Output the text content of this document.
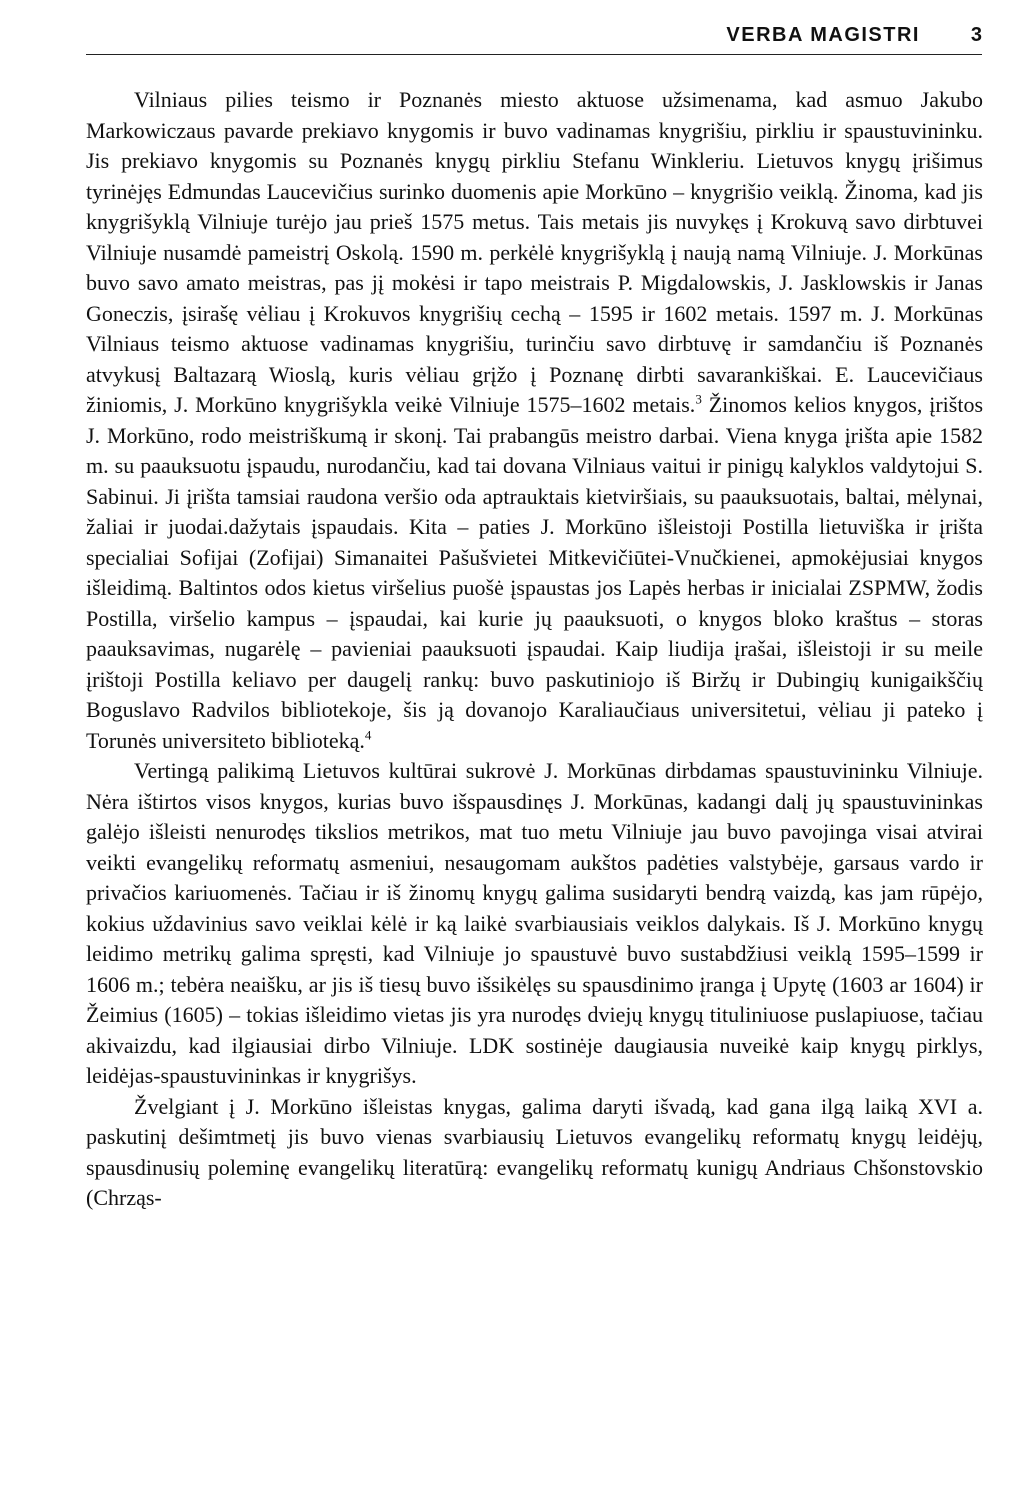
VERBA MAGISTRI	3

Vilniaus pilies teismo ir Poznanės miesto aktuose užsimenama, kad asmuo Jakubo Markowiczaus pavarde prekiavo knygomis ir buvo vadinamas knygrišiu, pirkliu ir spaustuvininku. Jis prekiavo knygomis su Poznanės knygų pirkliu Stefanu Winkleriu. Lietuvos knygų įrišimus tyrinėjęs Edmundas Laucevičius surinko duomenis apie Morkūno – knygrišio veiklą. Žinoma, kad jis knygrišyklą Vilniuje turėjo jau prieš 1575 metus. Tais metais jis nuvykęs į Krokuvą savo dirbtuvei Vilniuje nusamdė pameistrį Oskolą. 1590 m. perkėlė knygrišyklą į naują namą Vilniuje. J. Morkūnas buvo savo amato meistras, pas jį mokėsi ir tapo meistrais P. Migdalowskis, J. Jasklowskis ir Janas Goneczis, įsirašę vėliau į Krokuvos knygrišių cechą – 1595 ir 1602 metais. 1597 m. J. Morkūnas Vilniaus teismo aktuose vadinamas knygrišiu, turinčiu savo dirbtuvę ir samdančiu iš Poznanės atvykusį Baltazarą Wioslą, kuris vėliau grįžo į Poznanę dirbti savarankiškai. E. Laucevičiaus žiniomis, J. Morkūno knygrišykla veikė Vilniuje 1575–1602 metais.$^3$ Žinomos kelios knygos, įrištos J. Morkūno, rodo meistriškumą ir skonį. Tai prabangūs meistro darbai. Viena knyga įrišta apie 1582 m. su paauksuotu įspaudu, nurodančiu, kad tai dovana Vilniaus vaitui ir pinigų kalyklos valdytojui S. Sabinui. Ji įrišta tamsiai raudona veršio oda aptrauktais kietviršiais, su paauksuotais, baltai, mėlynai, žaliai ir juodai.dažytais įspaudais. Kita – paties J. Morkūno išleistoji Postilla lietuviška ir įrišta specialiai Sofijai (Zofijai) Simanaitei Pašušvietei Mitkevičiūtei-Vnučkienei, apmokėjusiai knygos išleidimą. Baltintos odos kietus viršelius puošė įspaustas jos Lapės herbas ir inicialai ZSPMW, žodis Postilla, viršelio kampus – įspaudai, kai kurie jų paauksuoti, o knygos bloko kraštus – storas paauksavimas, nugarėlę – pavieniai paauksuoti įspaudai. Kaip liudija įrašai, išleistoji ir su meile įrištoji Postilla keliavo per daugelį rankų: buvo paskutiniojo iš Biržų ir Dubingių kunigaikščių Boguslavo Radvilos bibliotekoje, šis ją dovanojo Karaliaučiaus universitetui, vėliau ji pateko į Torunės universiteto biblioteką.$^4$

Vertingą palikimą Lietuvos kultūrai sukrovė J. Morkūnas dirbdamas spaustuvininku Vilniuje. Nėra ištirtos visos knygos, kurias buvo išspausdinęs J. Morkūnas, kadangi dalį jų spaustuvininkas galėjo išleisti nenurodęs tikslios metrikos, mat tuo metu Vilniuje jau buvo pavojinga visai atvirai veikti evangelikų reformatų asmeniui, nesaugomam aukštos padėties valstybėje, garsaus vardo ir privačios kariuomenės. Tačiau ir iš žinomų knygų galima susidaryti bendrą vaizdą, kas jam rūpėjo, kokius uždavinius savo veiklai kėlė ir ką laikė svarbiausiais veiklos dalykais. Iš J. Morkūno knygų leidimo metrikų galima spręsti, kad Vilniuje jo spaustuvė buvo sustabdžiusi veiklą 1595–1599 ir 1606 m.; tebėra neaišku, ar jis iš tiesų buvo išsikėlęs su spausdinimo įranga į Upytę (1603 ar 1604) ir Žeimius (1605) – tokias išleidimo vietas jis yra nurodęs dviejų knygų tituliniuose puslapiuose, tačiau akivaizdu, kad ilgiausiai dirbo Vilniuje. LDK sostinėje daugiausia nuveikė kaip knygų pirklys, leidėjas-spaustuvininkas ir knygrišys.

Žvelgiant į J. Morkūno išleistas knygas, galima daryti išvadą, kad gana ilgą laiką XVI a. paskutinį dešimtmetį jis buvo vienas svarbiausių Lietuvos evangelikų reformatų knygų leidėjų, spausdinusių poleminę evangelikų literatūrą: evangelikų reformatų kunigų Andriaus Chšonstovskio (Chrząs-
